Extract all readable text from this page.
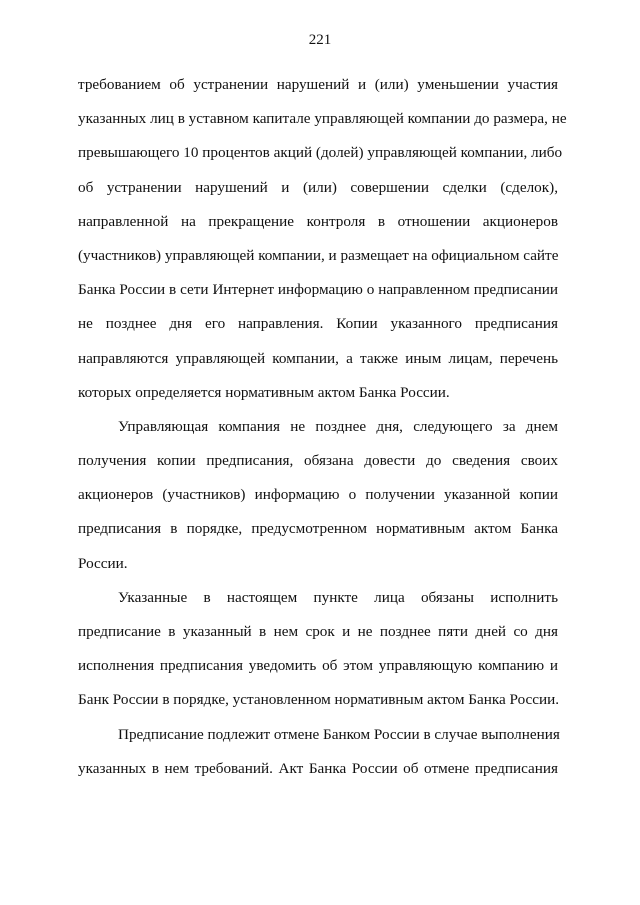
221
требованием об устранении нарушений и (или) уменьшении участия
указанных лиц в уставном капитале управляющей компании до размера, не
превышающего 10 процентов акций (долей) управляющей компании, либо
об устранении нарушений и (или) совершении сделки (сделок),
направленной на прекращение контроля в отношении акционеров
(участников) управляющей компании, и размещает на официальном сайте
Банка России в сети Интернет информацию о направленном предписании
не позднее дня его направления. Копии указанного предписания
направляются управляющей компании, а также иным лицам, перечень
которых определяется нормативным актом Банка России.
Управляющая компания не позднее дня, следующего за днем
получения копии предписания, обязана довести до сведения своих
акционеров (участников) информацию о получении указанной копии
предписания в порядке, предусмотренном нормативным актом Банка
России.
Указанные в настоящем пункте лица обязаны исполнить
предписание в указанный в нем срок и не позднее пяти дней со дня
исполнения предписания уведомить об этом управляющую компанию и
Банк России в порядке, установленном нормативным актом Банка России.
Предписание подлежит отмене Банком России в случае выполнения
указанных в нем требований. Акт Банка России об отмене предписания
